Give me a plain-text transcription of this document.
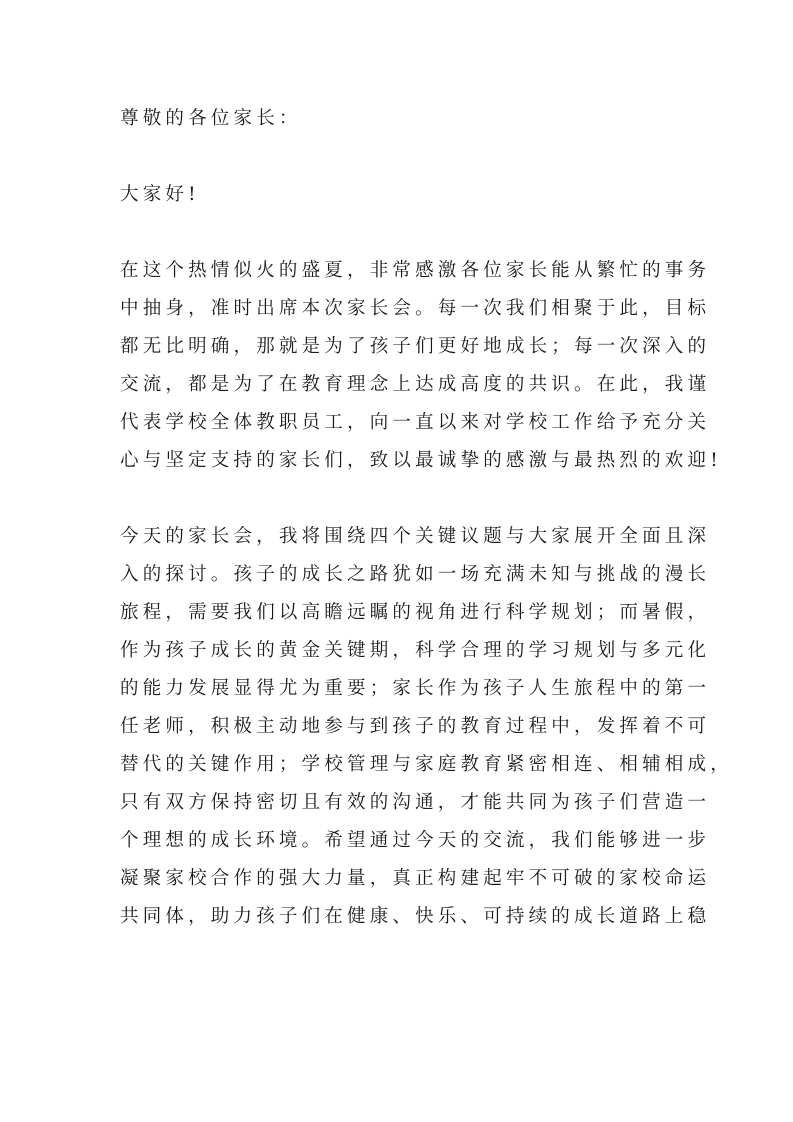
尊敬的各位家长：
大家好!
在这个热情似火的盛夏，非常感激各位家长能从繁忙的事务
中抽身，准时出席本次家长会。每一次我们相聚于此，目标
都无比明确，那就是为了孩子们更好地成长；每一次深入的
交流，都是为了在教育理念上达成高度的共识。在此，我谨
代表学校全体教职员工，向一直以来对学校工作给予充分关
心与坚定支持的家长们，致以最诚挚的感激与最热烈的欢迎!
今天的家长会，我将围绕四个关键议题与大家展开全面且深
入的探讨。孩子的成长之路犹如一场充满未知与挑战的漫长
旅程，需要我们以高瞻远瞩的视角进行科学规划；而暑假，
作为孩子成长的黄金关键期，科学合理的学习规划与多元化
的能力发展显得尤为重要；家长作为孩子人生旅程中的第一
任老师，积极主动地参与到孩子的教育过程中，发挥着不可
替代的关键作用；学校管理与家庭教育紧密相连、相辅相成，
只有双方保持密切且有效的沟通，才能共同为孩子们营造一
个理想的成长环境。希望通过今天的交流，我们能够进一步
凝聚家校合作的强大力量，真正构建起牢不可破的家校命运
共同体，助力孩子们在健康、快乐、可持续的成长道路上稳
